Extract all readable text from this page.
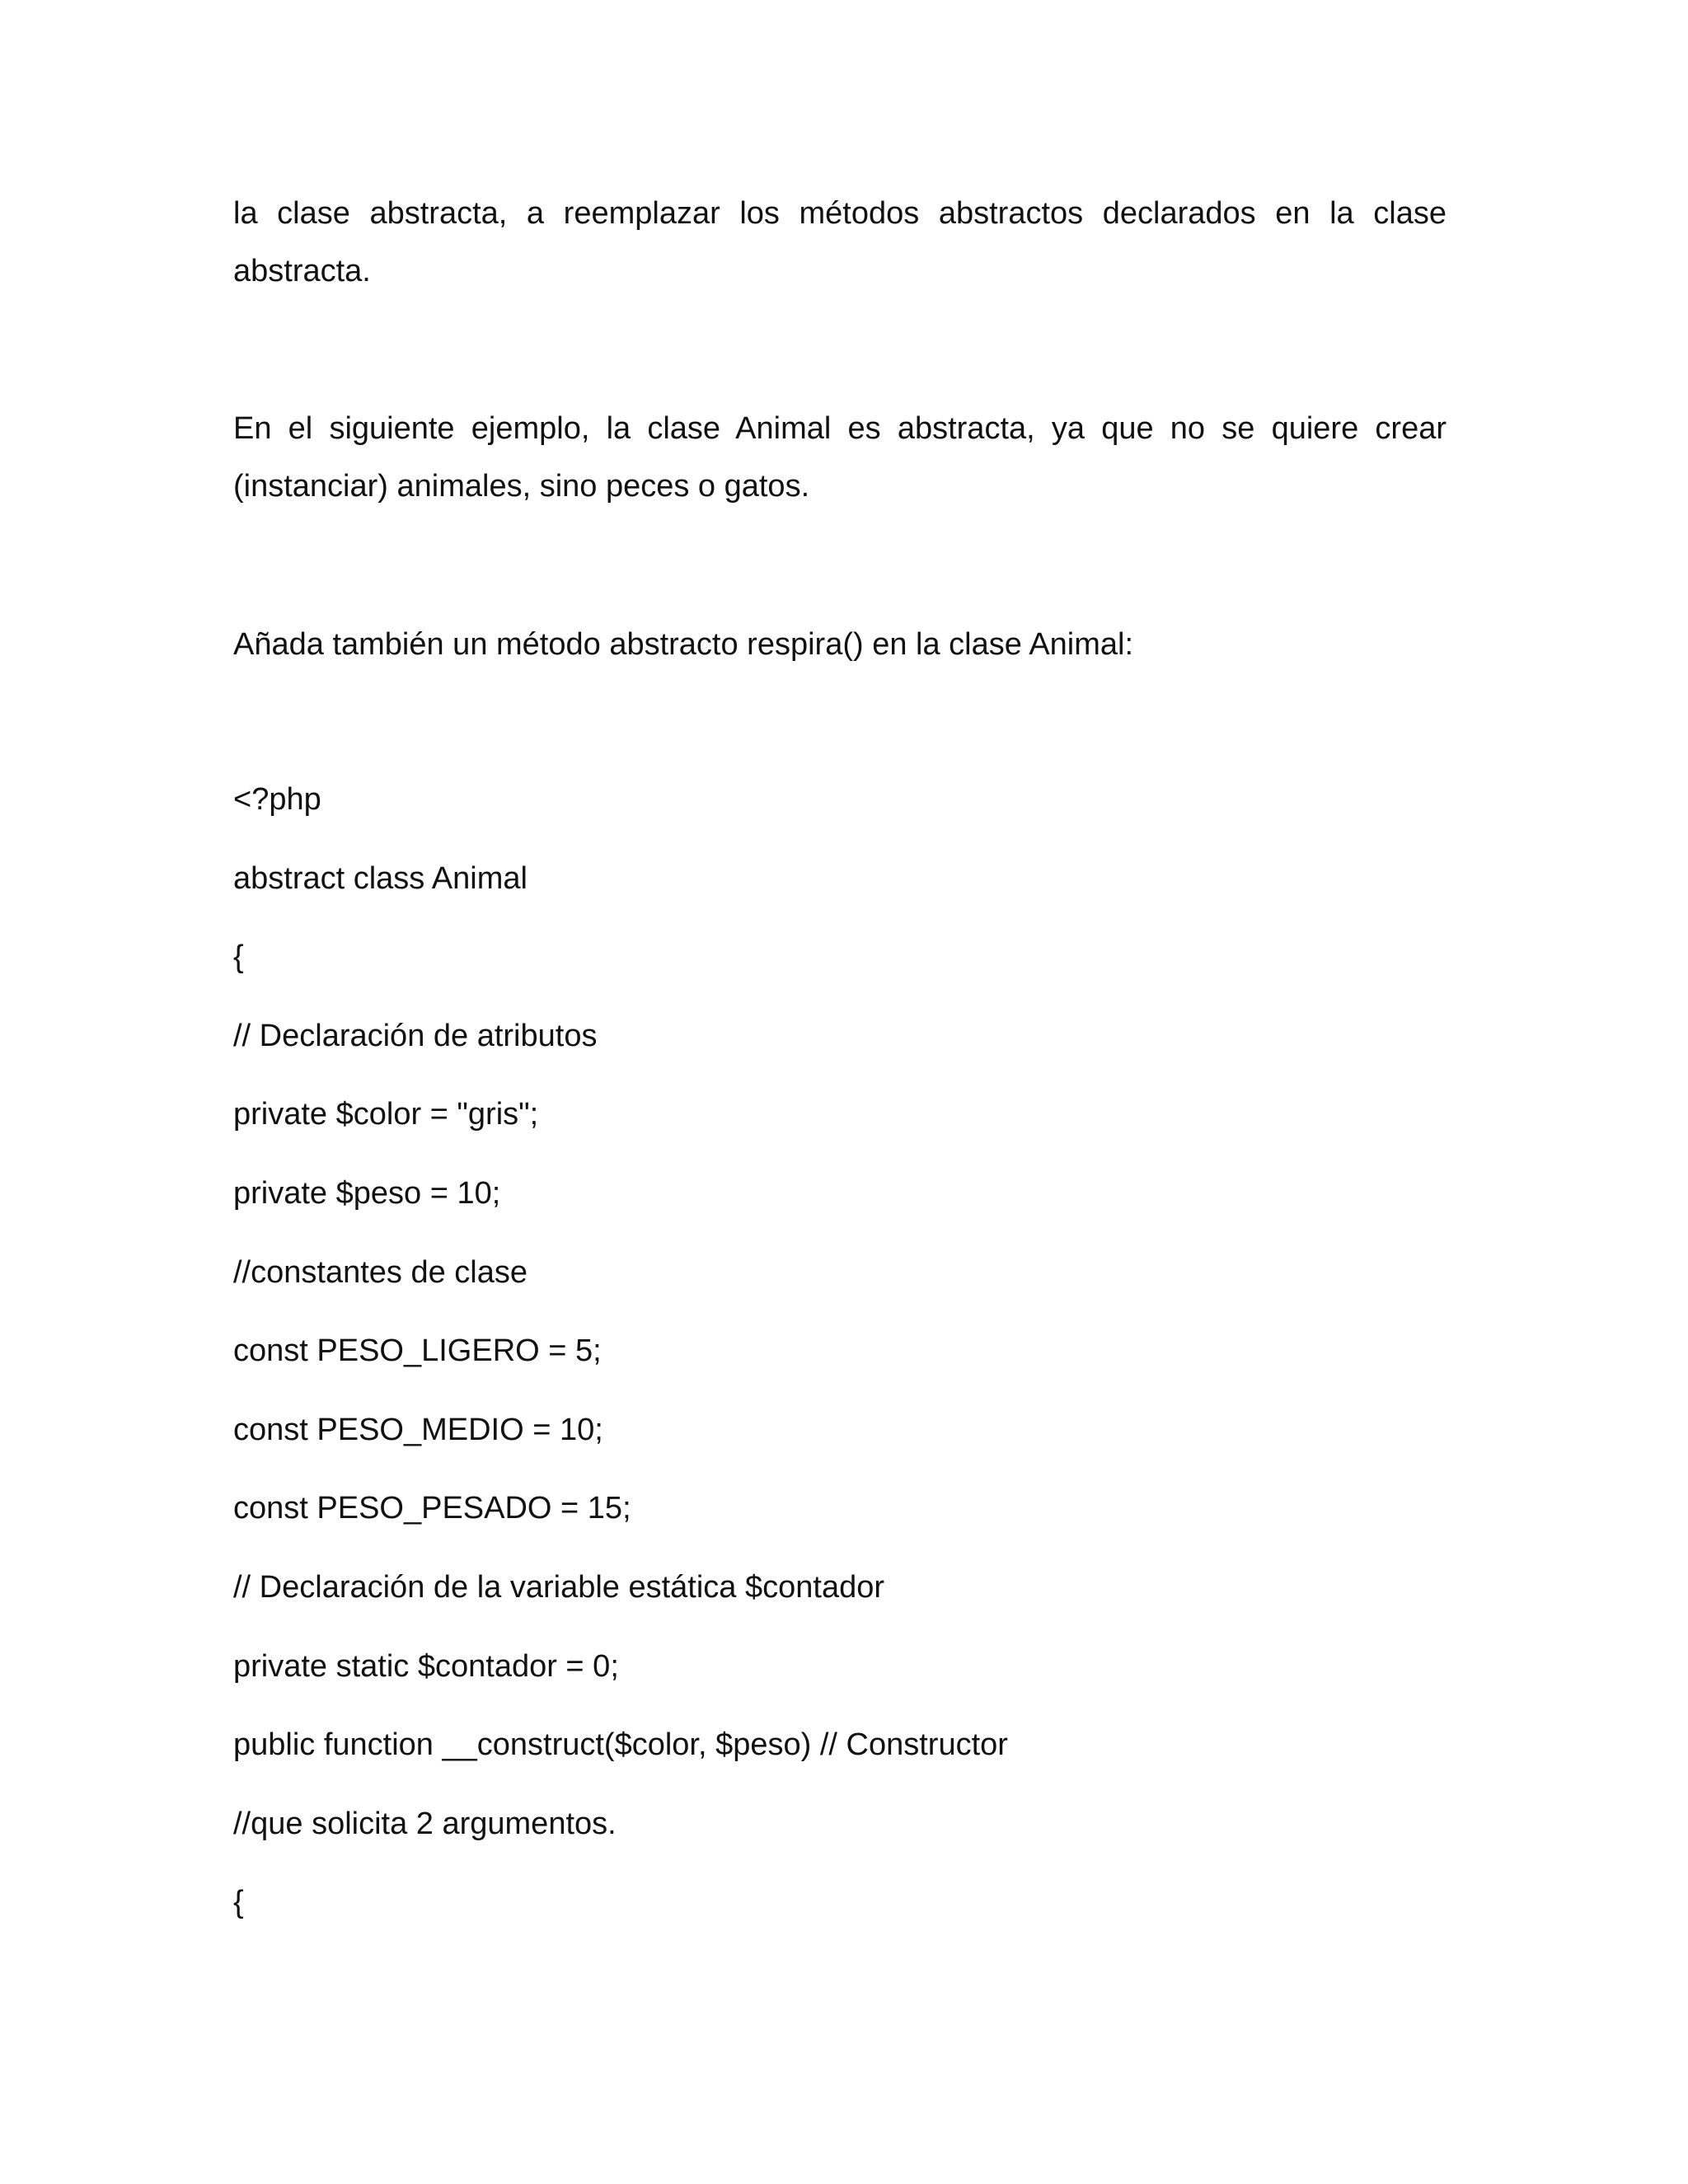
la clase abstracta, a reemplazar los métodos abstractos declarados en la clase abstracta.

En el siguiente ejemplo, la clase Animal es abstracta, ya que no se quiere crear (instanciar) animales, sino peces o gatos.

Añada también un método abstracto respira() en la clase Animal:

<?php
abstract class Animal
{
// Declaración de atributos
private $color = "gris";
private $peso = 10;
//constantes de clase
const PESO_LIGERO = 5;
const PESO_MEDIO = 10;
const PESO_PESADO = 15;
// Declaración de la variable estática $contador
private static $contador = 0;
public function __construct($color, $peso) // Constructor
//que solicita 2 argumentos.
{
